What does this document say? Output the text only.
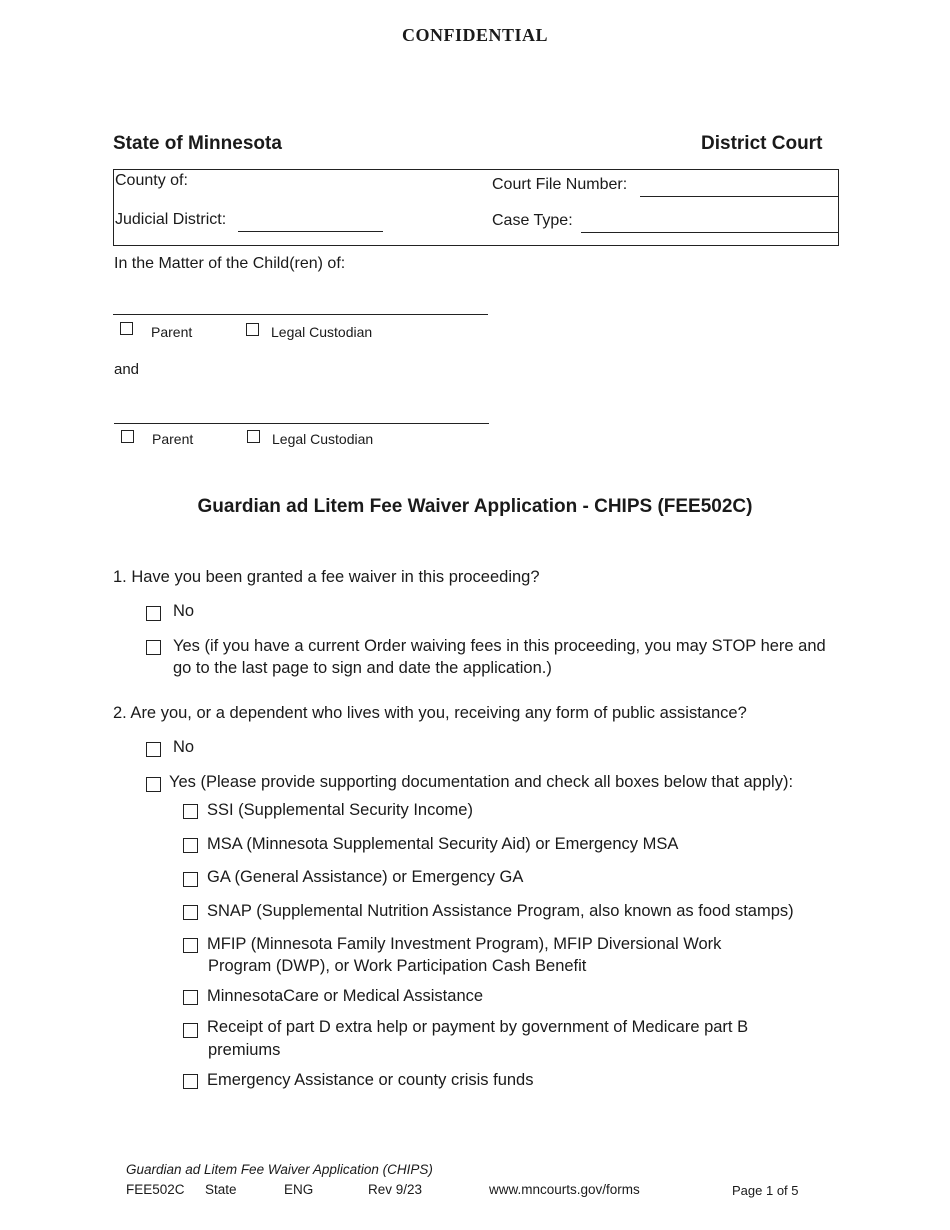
CONFIDENTIAL
State of Minnesota	District Court
County of:
Judicial District:
Court File Number:
Case Type:
In the Matter of the Child(ren) of:
Parent	Legal Custodian
and
Parent	Legal Custodian
Guardian ad Litem Fee Waiver Application - CHIPS (FEE502C)
1. Have you been granted a fee waiver in this proceeding?
No
Yes (if you have a current Order waiving fees in this proceeding, you may STOP here and
go to the last page to sign and date the application.)
2. Are you, or a dependent who lives with you, receiving any form of public assistance?
No
Yes (Please provide supporting documentation and check all boxes below that apply):
SSI (Supplemental Security Income)
MSA (Minnesota Supplemental Security Aid) or Emergency MSA
GA (General Assistance) or Emergency GA
SNAP (Supplemental Nutrition Assistance Program, also known as food stamps)
MFIP (Minnesota Family Investment Program), MFIP Diversional Work
Program (DWP), or Work Participation Cash Benefit
MinnesotaCare or Medical Assistance
Receipt of part D extra help or payment by government of Medicare part B
premiums
Emergency Assistance or county crisis funds
Guardian ad Litem Fee Waiver Application (CHIPS)
FEE502C State	ENG	Rev 9/23	www.mncourts.gov/forms	Page 1 of 5
